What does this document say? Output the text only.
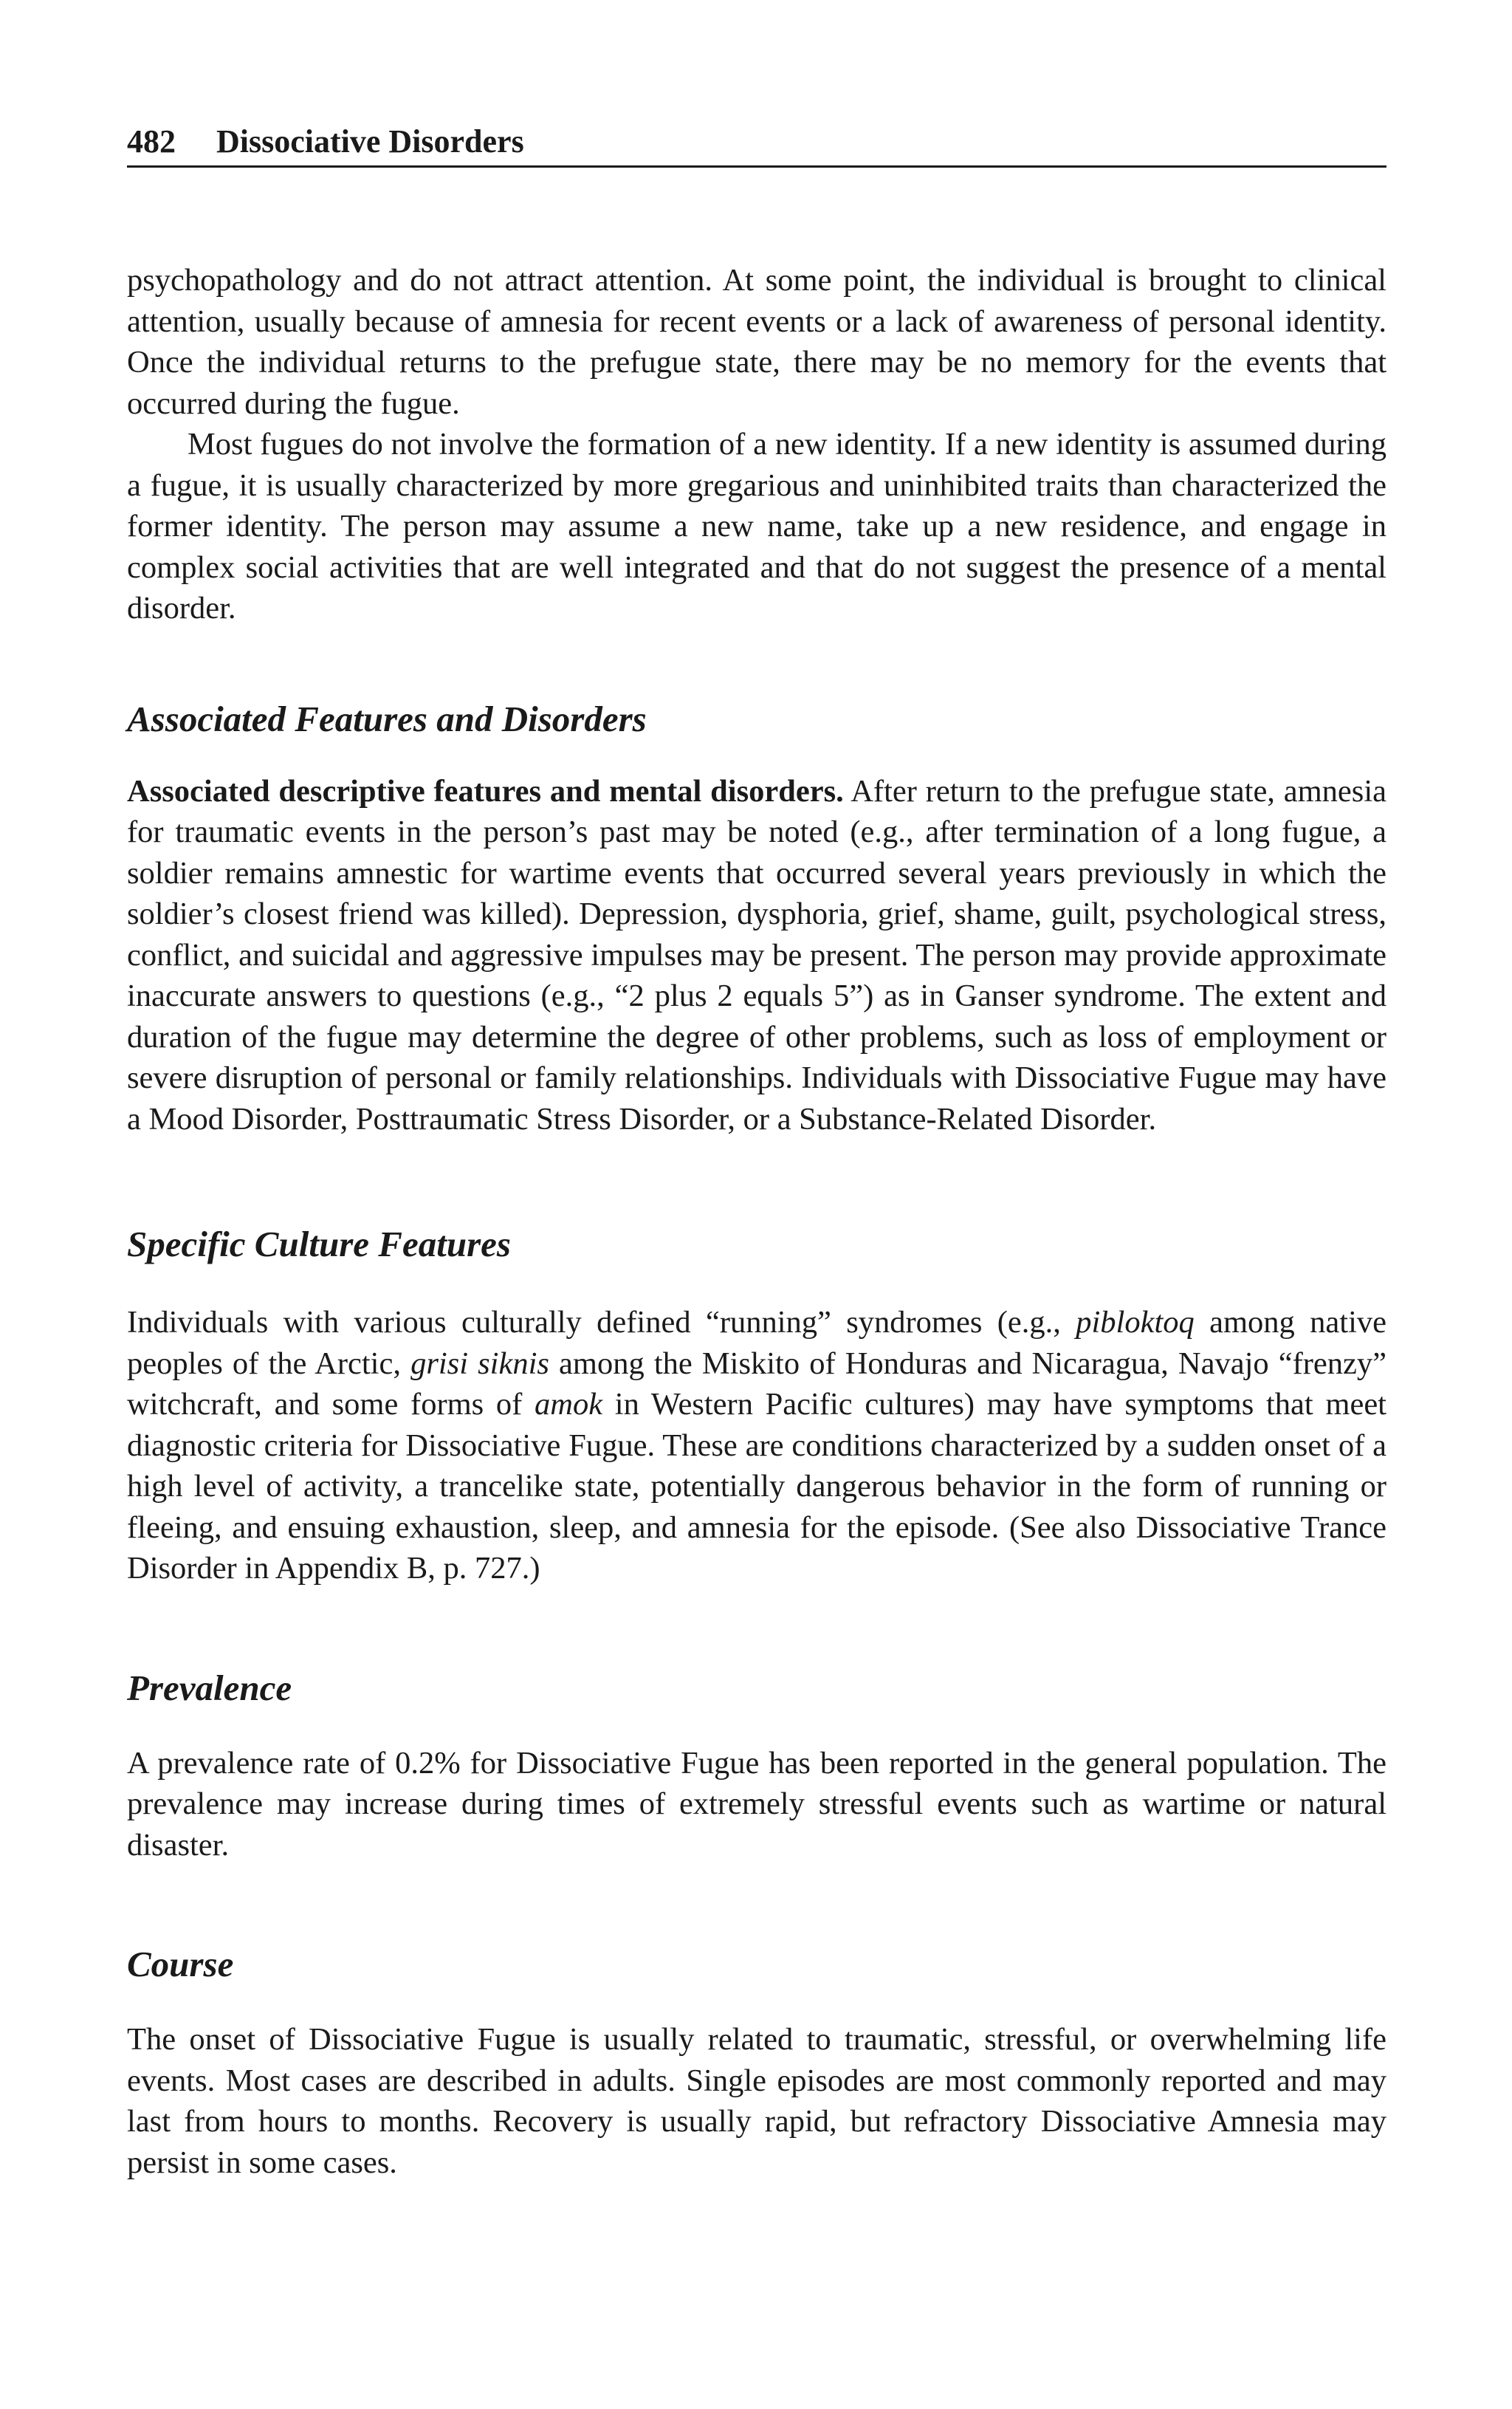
482 Dissociative Disorders

psychopathology and do not attract attention. At some point, the individual is brought to clinical attention, usually because of amnesia for recent events or a lack of awareness of personal identity. Once the individual returns to the prefugue state, there may be no memory for the events that occurred during the fugue.

Most fugues do not involve the formation of a new identity. If a new identity is assumed during a fugue, it is usually characterized by more gregarious and uninhibited traits than characterized the former identity. The person may assume a new name, take up a new residence, and engage in complex social activities that are well integrated and that do not suggest the presence of a mental disorder.

Associated Features and Disorders

Associated descriptive features and mental disorders. After return to the prefugue state, amnesia for traumatic events in the person’s past may be noted (e.g., after termination of a long fugue, a soldier remains amnestic for wartime events that occurred several years previously in which the soldier’s closest friend was killed). Depression, dysphoria, grief, shame, guilt, psychological stress, conflict, and suicidal and aggressive impulses may be present. The person may provide approximate inaccurate answers to questions (e.g., “2 plus 2 equals 5”) as in Ganser syndrome. The extent and duration of the fugue may determine the degree of other problems, such as loss of employment or severe disruption of personal or family relationships. Individuals with Dissociative Fugue may have a Mood Disorder, Posttraumatic Stress Disorder, or a Substance-Related Disorder.

Specific Culture Features

Individuals with various culturally defined “running” syndromes (e.g., pibloktoq among native peoples of the Arctic, grisi siknis among the Miskito of Honduras and Nicaragua, Navajo “frenzy” witchcraft, and some forms of amok in Western Pacific cultures) may have symptoms that meet diagnostic criteria for Dissociative Fugue. These are conditions characterized by a sudden onset of a high level of activity, a trancelike state, potentially dangerous behavior in the form of running or fleeing, and ensuing exhaustion, sleep, and amnesia for the episode. (See also Dissociative Trance Disorder in Appendix B, p. 727.)

Prevalence

A prevalence rate of 0.2% for Dissociative Fugue has been reported in the general population. The prevalence may increase during times of extremely stressful events such as wartime or natural disaster.

Course

The onset of Dissociative Fugue is usually related to traumatic, stressful, or overwhelming life events. Most cases are described in adults. Single episodes are most commonly reported and may last from hours to months. Recovery is usually rapid, but refractory Dissociative Amnesia may persist in some cases.
